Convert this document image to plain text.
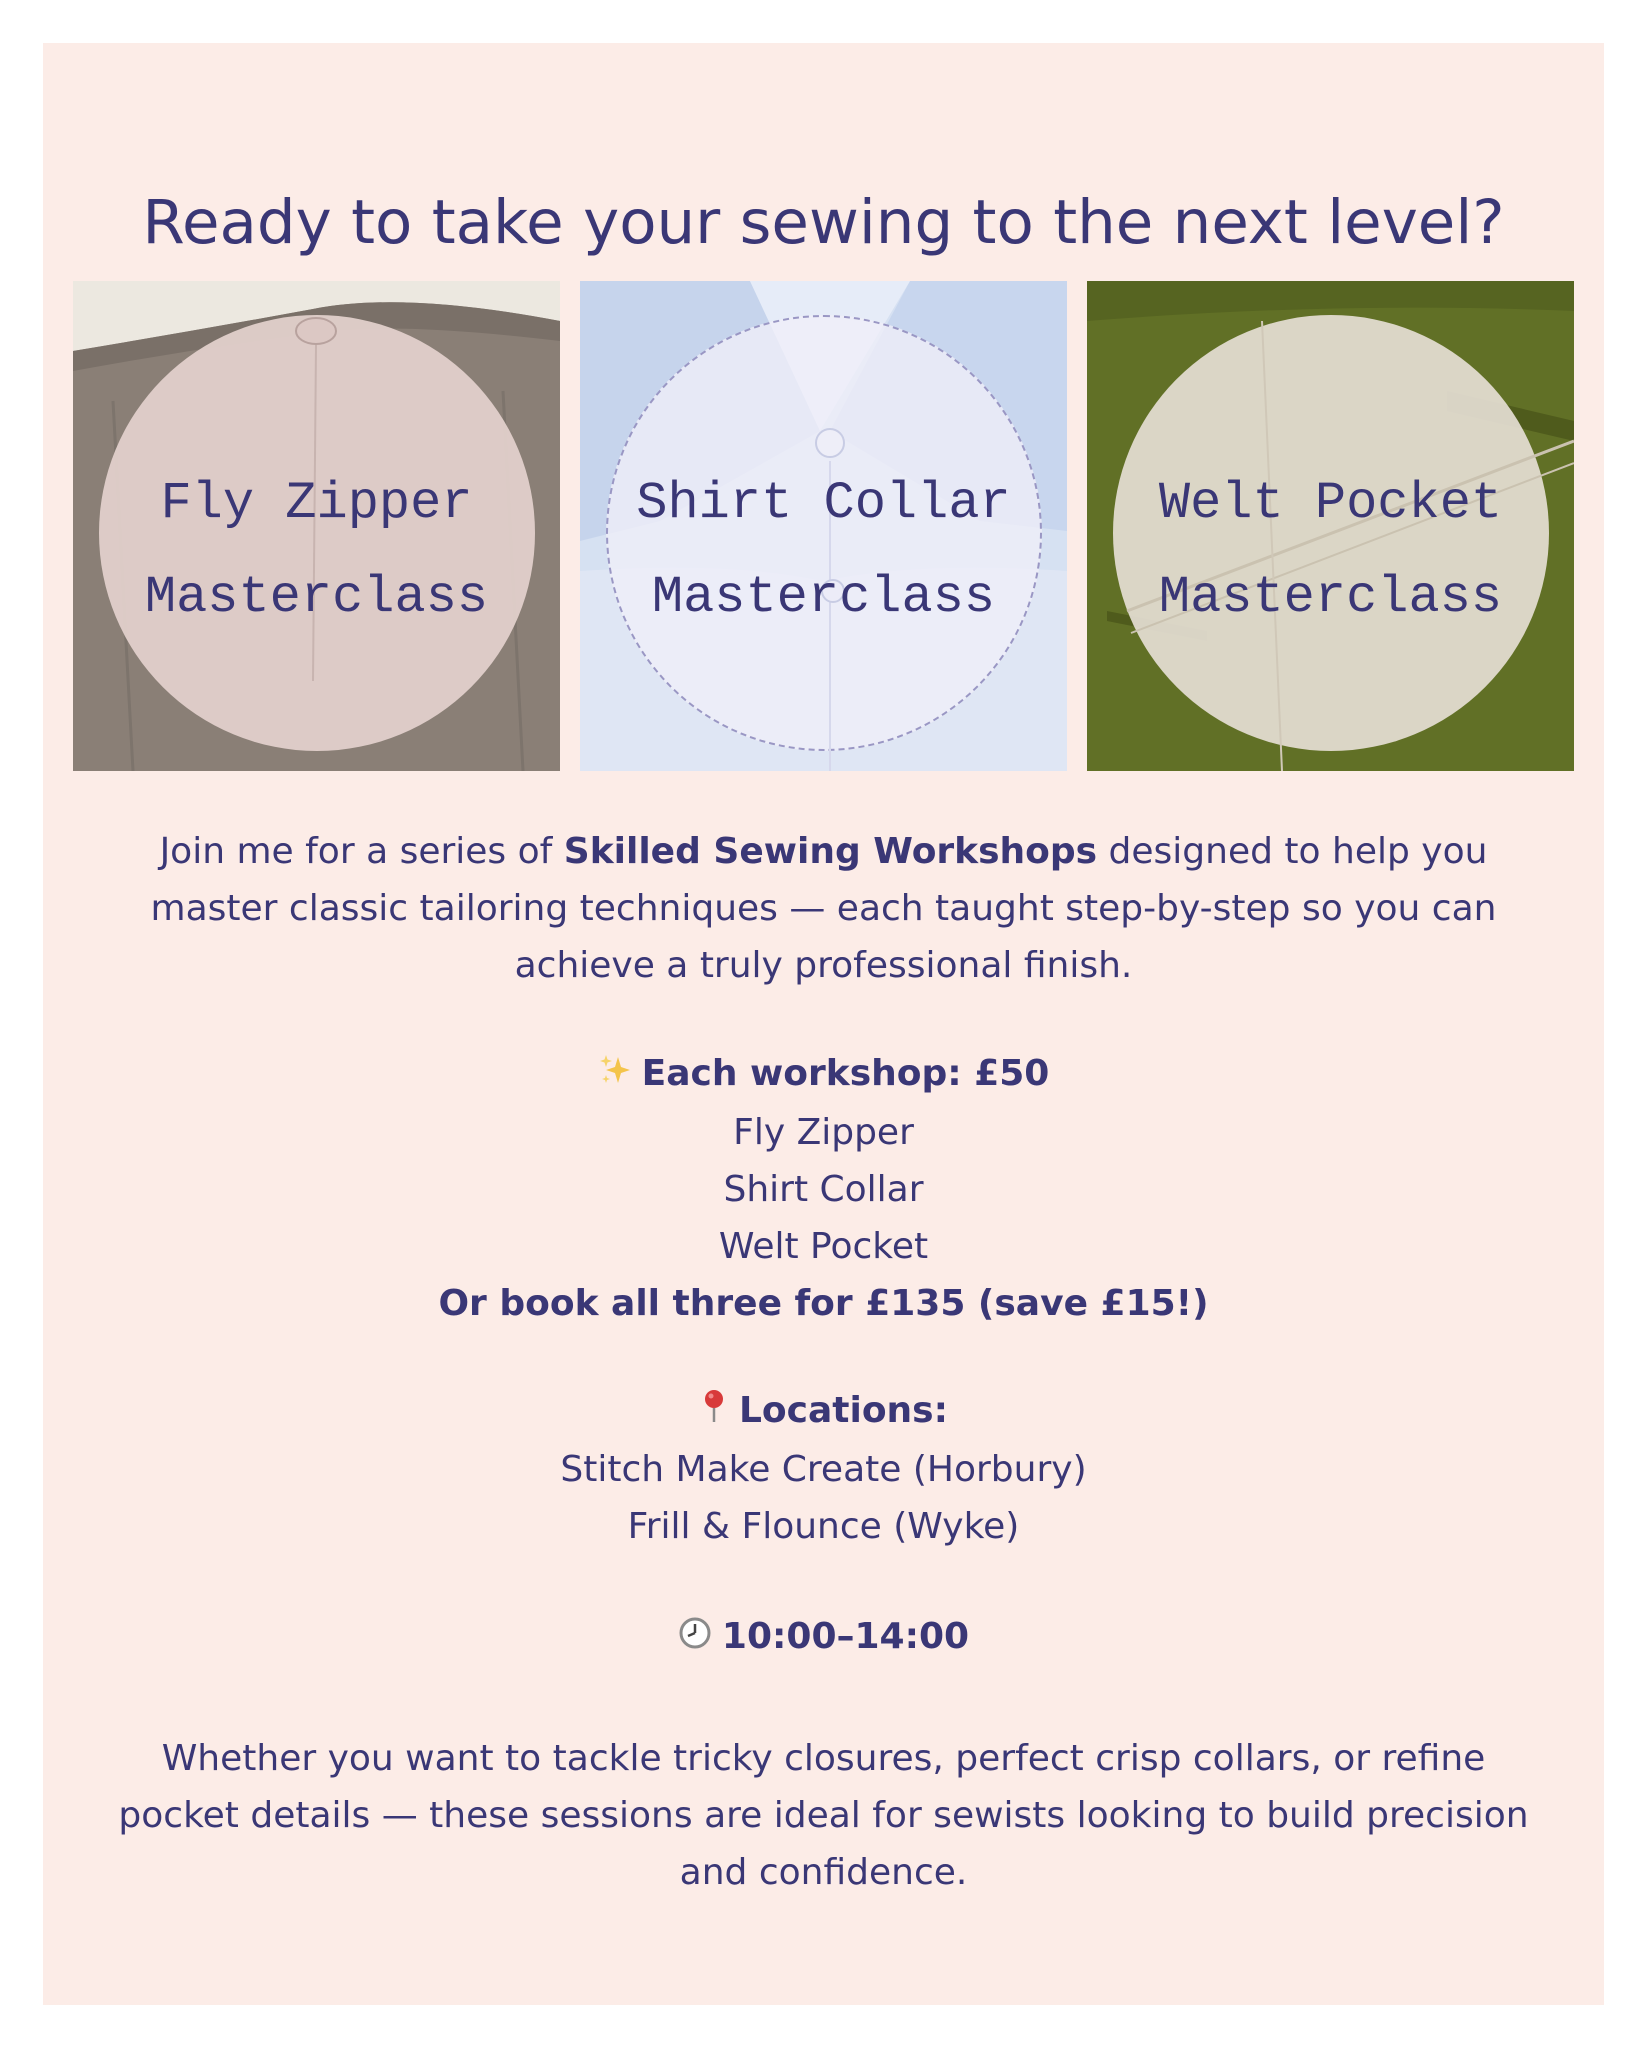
Ready to take your sewing to the next level?
Fly Zipper
Masterclass
Shirt Collar
Masterclass
Welt Pocket
Masterclass

Join me for a series of Skilled Sewing Workshops designed to help you master classic tailoring techniques — each taught step-by-step so you can achieve a truly professional finish.

Each workshop: £50
Fly Zipper
Shirt Collar
Welt Pocket
Or book all three for £135 (save £15!)
Locations:
Stitch Make Create (Horbury)
Frill & Flounce (Wyke)
10:00–14:00

Whether you want to tackle tricky closures, perfect crisp collars, or refine pocket details — these sessions are ideal for sewists looking to build precision and confidence.
